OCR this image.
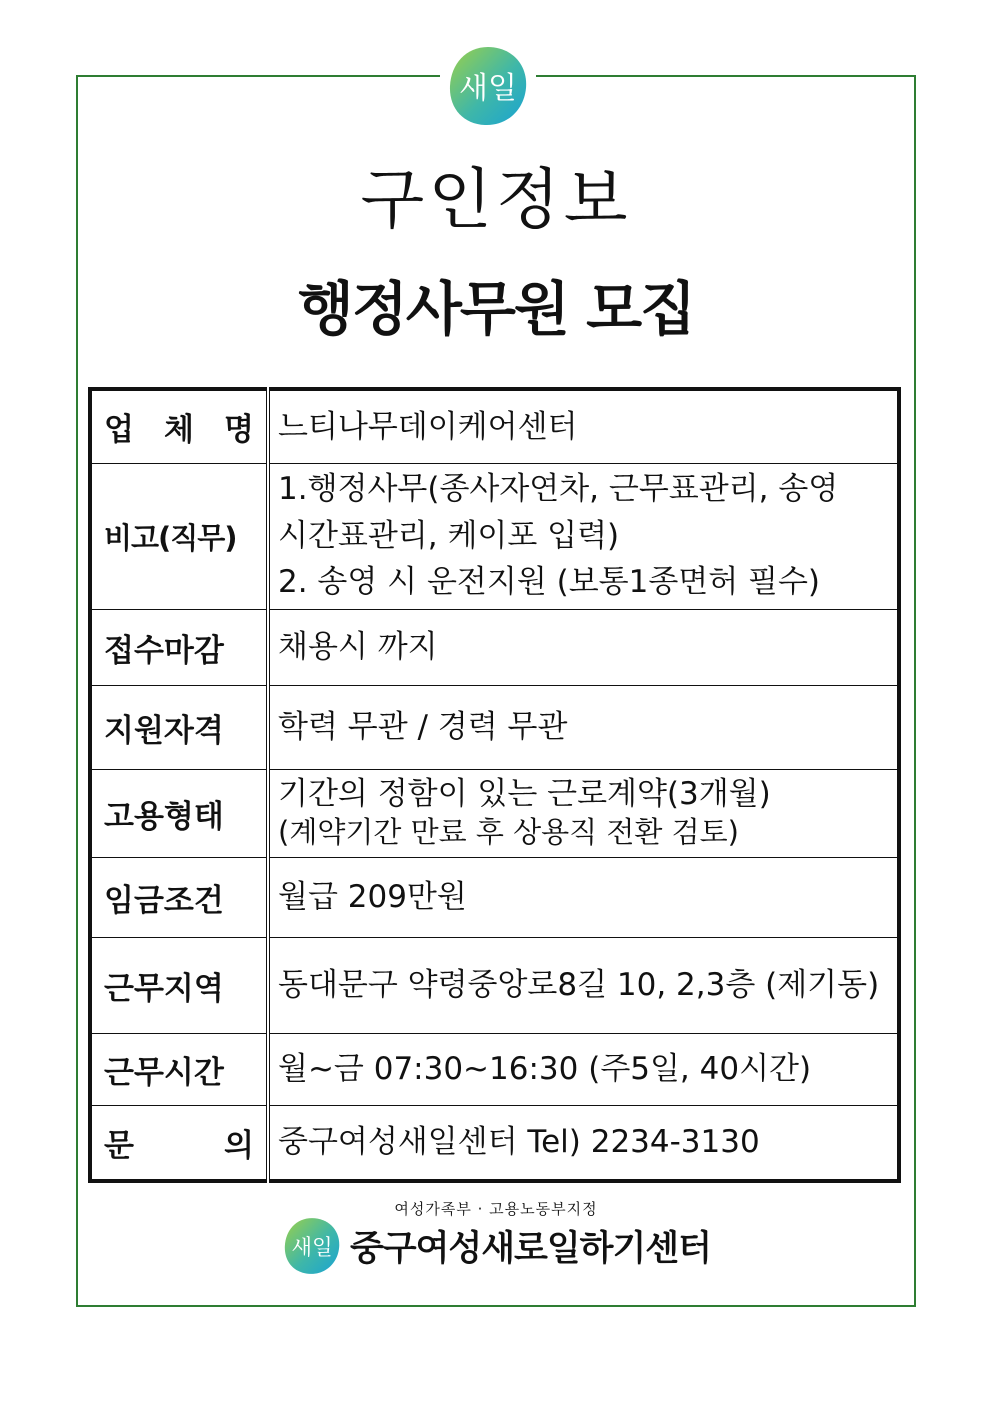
새일
구인정보
행정사무원 모집
업 체 명	느티나무데이케어센터

비고(직무)	1.행정사무(종사자연차, 근무표관리, 송영
시간표관리, 케이포 입력)
2. 송영 시 운전지원 (보통1종면허 필수)

접수마감	채용시 까지

지원자격	학력 무관 / 경력 무관

고용형태	기간의 정함이 있는 근로계약(3개월)
(계약기간 만료 후 상용직 전환 검토)

임금조건	월급 209만원

근무지역	동대문구 약령중앙로8길 10, 2,3층 (제기동)

근무시간	월~금 07:30~16:30 (주5일, 40시간)

문 의	중구여성새일센터 Tel) 2234-3130
여성가족부 · 고용노동부지정
새일 중구여성새로일하기센터
